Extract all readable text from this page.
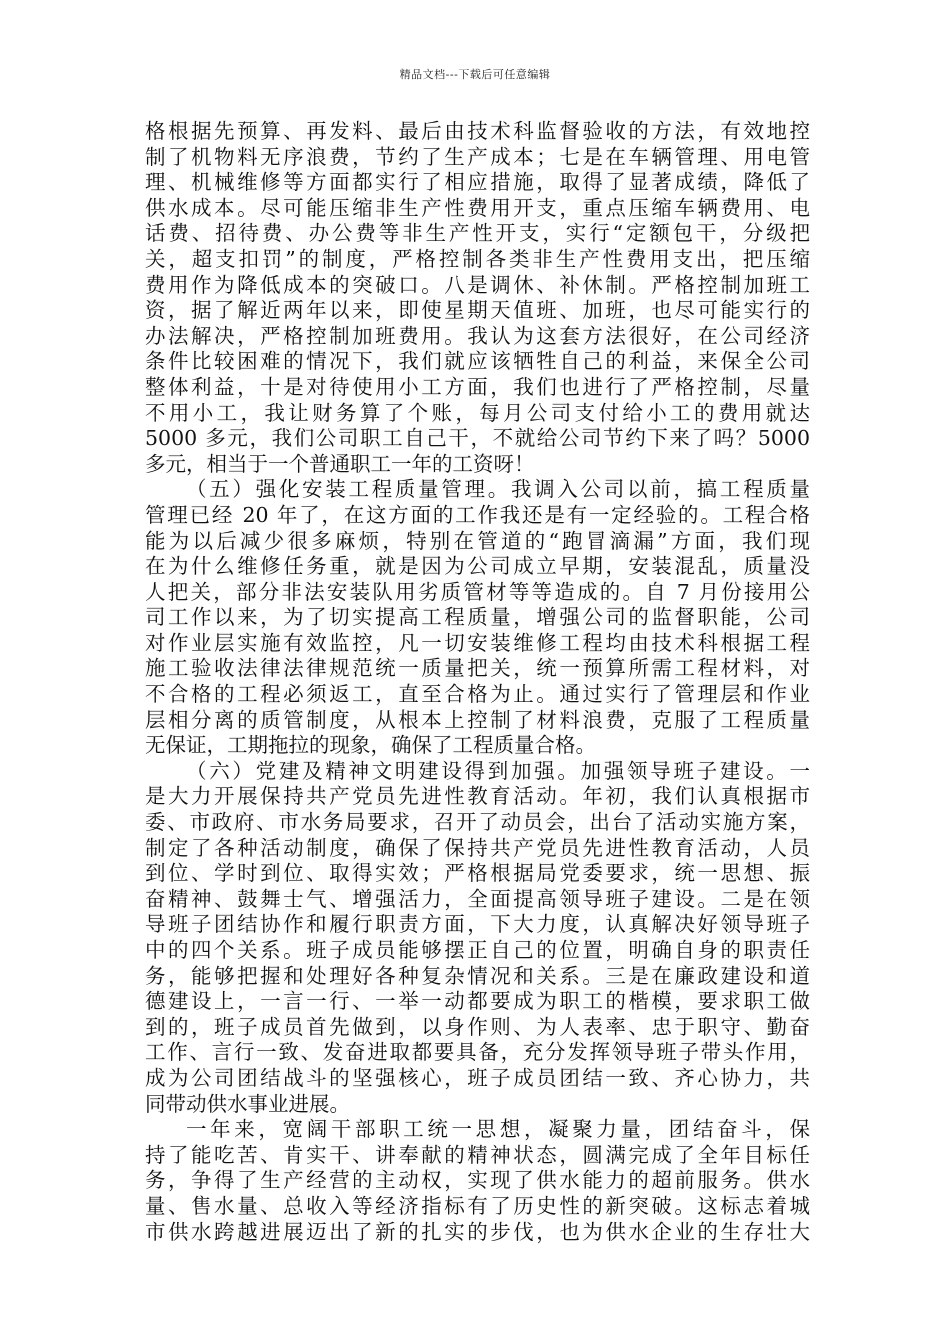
精品文档---下载后可任意编辑
格根据先预算、再发料、最后由技术科监督验收的方法，有效地控
制了机物料无序浪费，节约了生产成本；七是在车辆管理、用电管
理、机械维修等方面都实行了相应措施，取得了显著成绩，降低了
供水成本。尽可能压缩非生产性费用开支，重点压缩车辆费用、电
话费、招待费、办公费等非生产性开支，实行“定额包干，分级把
关，超支扣罚”的制度，严格控制各类非生产性费用支出，把压缩
费用作为降低成本的突破口。八是调休、补休制。严格控制加班工
资，据了解近两年以来，即使星期天值班、加班，也尽可能实行的
办法解决，严格控制加班费用。我认为这套方法很好，在公司经济
条件比较困难的情况下，我们就应该牺牲自己的利益，来保全公司
整体利益，十是对待使用小工方面，我们也进行了严格控制，尽量
不用小工，我让财务算了个账，每月公司支付给小工的费用就达
5000 多元，我们公司职工自己干，不就给公司节约下来了吗？5000
多元，相当于一个普通职工一年的工资呀！
（五）强化安装工程质量管理。我调入公司以前，搞工程质量
管理已经 20 年了，在这方面的工作我还是有一定经验的。工程合格
能为以后减少很多麻烦，特别在管道的“跑冒滴漏”方面，我们现
在为什么维修任务重，就是因为公司成立早期，安装混乱，质量没
人把关，部分非法安装队用劣质管材等等造成的。自 7 月份接用公
司工作以来，为了切实提高工程质量，增强公司的监督职能，公司
对作业层实施有效监控，凡一切安装维修工程均由技术科根据工程
施工验收法律法律规范统一质量把关，统一预算所需工程材料，对
不合格的工程必须返工，直至合格为止。通过实行了管理层和作业
层相分离的质管制度，从根本上控制了材料浪费，克服了工程质量
无保证，工期拖拉的现象，确保了工程质量合格。
（六）党建及精神文明建设得到加强。加强领导班子建设。一
是大力开展保持共产党员先进性教育活动。年初，我们认真根据市
委、市政府、市水务局要求，召开了动员会，出台了活动实施方案，
制定了各种活动制度，确保了保持共产党员先进性教育活动，人员
到位、学时到位、取得实效；严格根据局党委要求，统一思想、振
奋精神、鼓舞士气、增强活力，全面提高领导班子建设。二是在领
导班子团结协作和履行职责方面，下大力度，认真解决好领导班子
中的四个关系。班子成员能够摆正自己的位置，明确自身的职责任
务，能够把握和处理好各种复杂情况和关系。三是在廉政建设和道
德建设上，一言一行、一举一动都要成为职工的楷模，要求职工做
到的，班子成员首先做到，以身作则、为人表率、忠于职守、勤奋
工作、言行一致、发奋进取都要具备，充分发挥领导班子带头作用，
成为公司团结战斗的坚强核心，班子成员团结一致、齐心协力，共
同带动供水事业进展。
一年来，宽阔干部职工统一思想，凝聚力量，团结奋斗，保
持了能吃苦、肯实干、讲奉献的精神状态，圆满完成了全年目标任
务，争得了生产经营的主动权，实现了供水能力的超前服务。供水
量、售水量、总收入等经济指标有了历史性的新突破。这标志着城
市供水跨越进展迈出了新的扎实的步伐，也为供水企业的生存壮大
